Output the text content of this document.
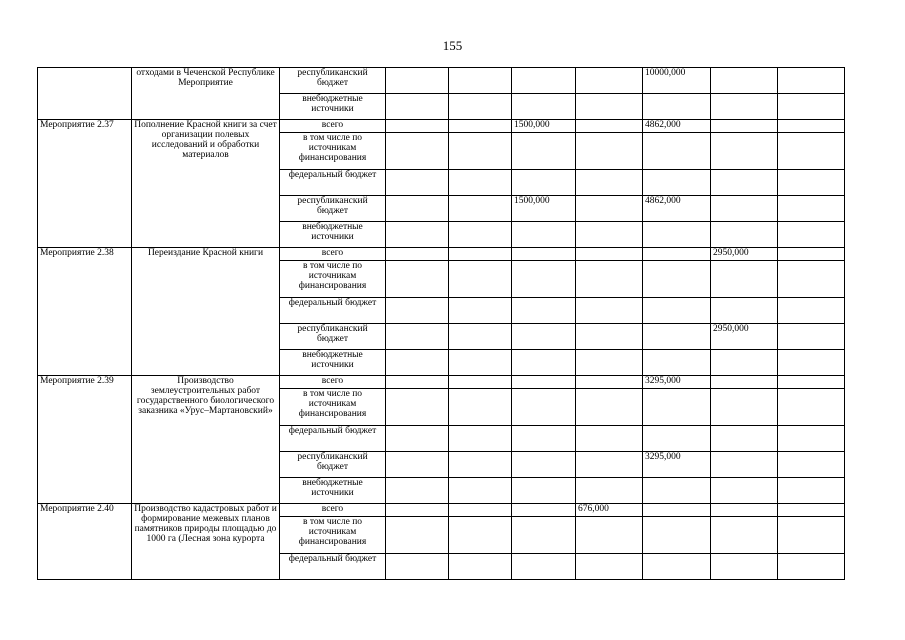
155
	отходами в Чеченской Республике Мероприятие	республиканский бюджет					10000,000		
		внебюджетные источники							
Мероприятие 2.37	Пополнение Красной книги за счет организации полевых исследований и обработки материалов	всего			1500,000		4862,000		
		в том числе по источникам финансирования							
		федеральный бюджет							
		республиканский бюджет			1500,000		4862,000		
		внебюджетные источники							
Мероприятие 2.38	Переиздание Красной книги	всего						2950,000	
		в том числе по источникам финансирования							
		федеральный бюджет							
		республиканский бюджет						2950,000	
		внебюджетные источники							
Мероприятие 2.39	Производство землеустроительных работ государственного биологического заказника «Урус–Мартановский»	всего					3295,000		
		в том числе по источникам финансирования							
		федеральный бюджет							
		республиканский бюджет					3295,000		
		внебюджетные источники							
Мероприятие 2.40	Производство кадастровых работ и формирование межевых планов памятников природы площадью до 1000 га (Лесная зона курорта	всего				676,000			
		в том числе по источникам финансирования							
		федеральный бюджет							
